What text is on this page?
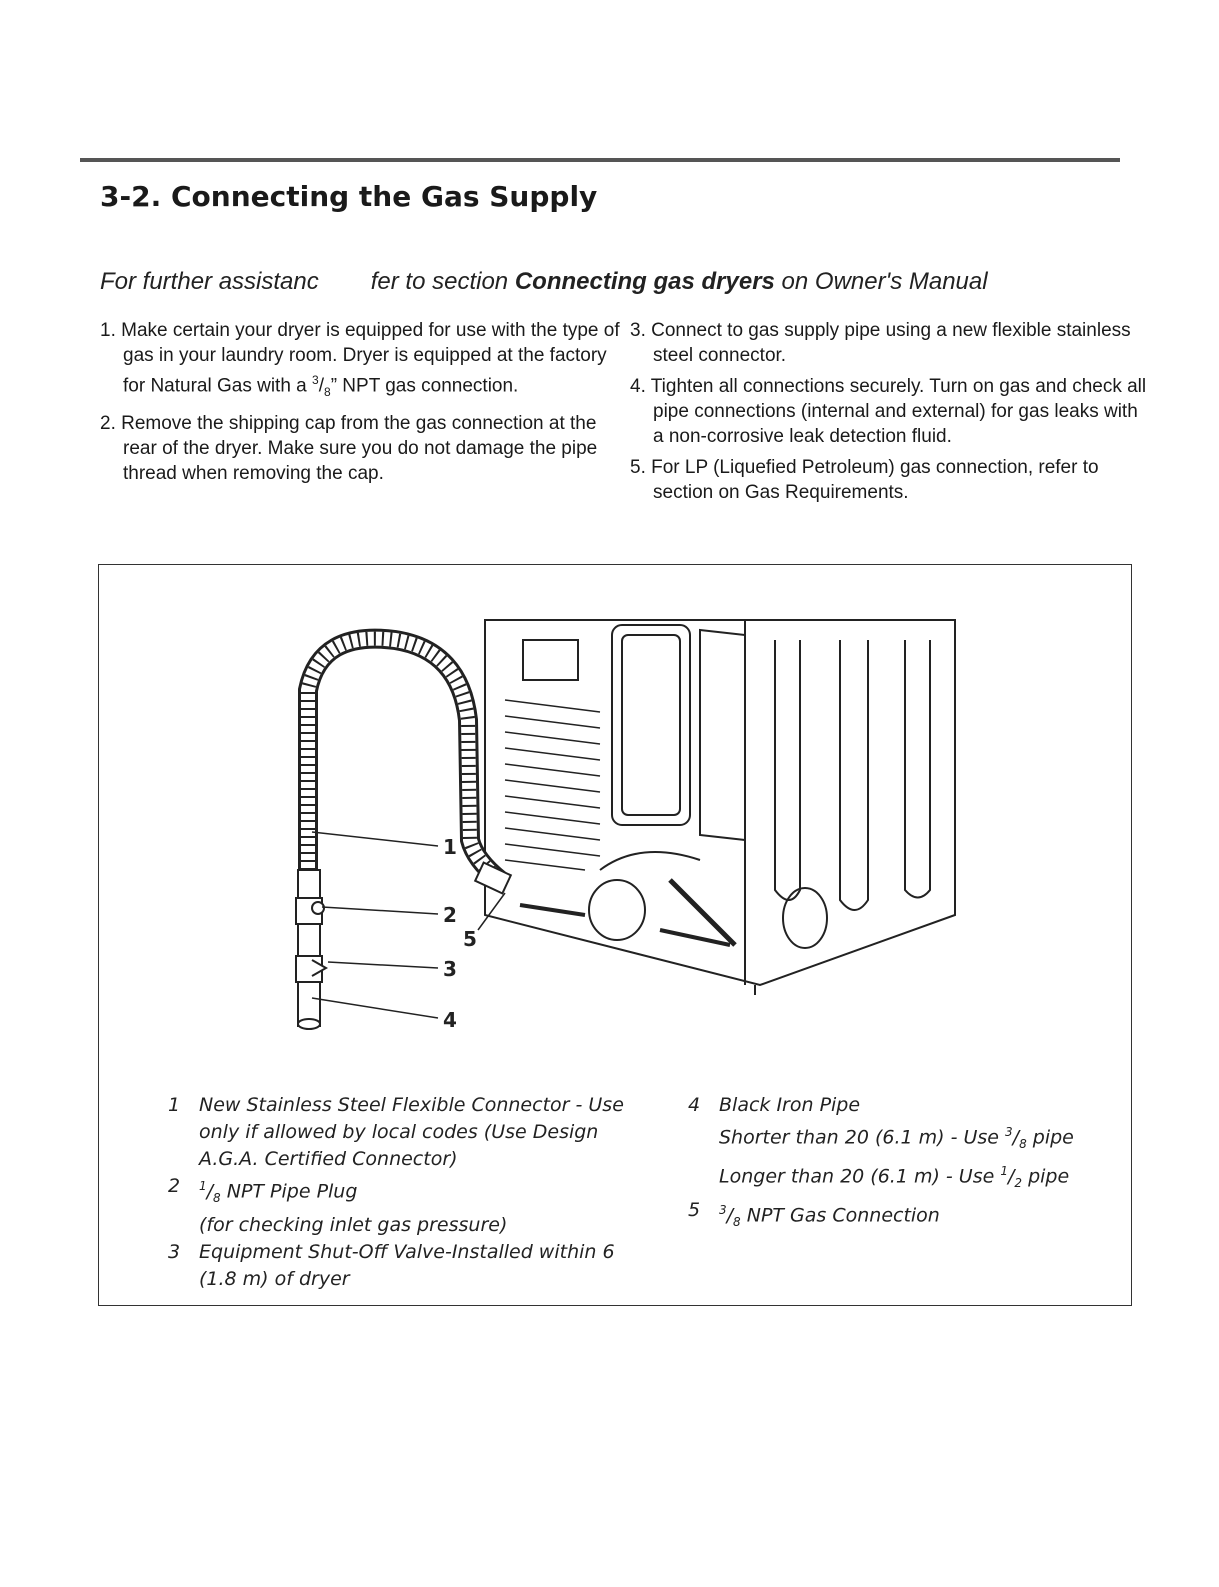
3-2. Connecting the Gas Supply
For further assistanc fer to section Connecting gas dryers on Owner's Manual

1. Make certain your dryer is equipped for use with the type of gas in your laundry room. Dryer is equipped at the factory for Natural Gas with a $^3/_8$” NPT gas connection.

2. Remove the shipping cap from the gas connection at the rear of the dryer. Make sure you do not damage the pipe thread when removing the cap.

3. Connect to gas supply pipe using a new flexible stainless steel connector.

4. Tighten all connections securely. Turn on gas and check all pipe connections (internal and external) for gas leaks with a non-corrosive leak detection fluid.

5. For LP (Liquefied Petroleum) gas connection, refer to section on Gas Requirements.

1
2
5
3
4
1 New Stainless Steel Flexible Connector - Use only if allowed by local codes (Use Design A.G.A. Certified Connector)
2	$^1/_8$ NPT Pipe Plug
(for checking inlet gas pressure)
3 Equipment Shut-Off Valve-Installed within 6 (1.8 m) of dryer
4 Black Iron Pipe
Shorter than 20 (6.1 m) - Use $^3/_8$ pipe
Longer than 20 (6.1 m) - Use $^1/_2$ pipe
5	$^3/_8$ NPT Gas Connection
